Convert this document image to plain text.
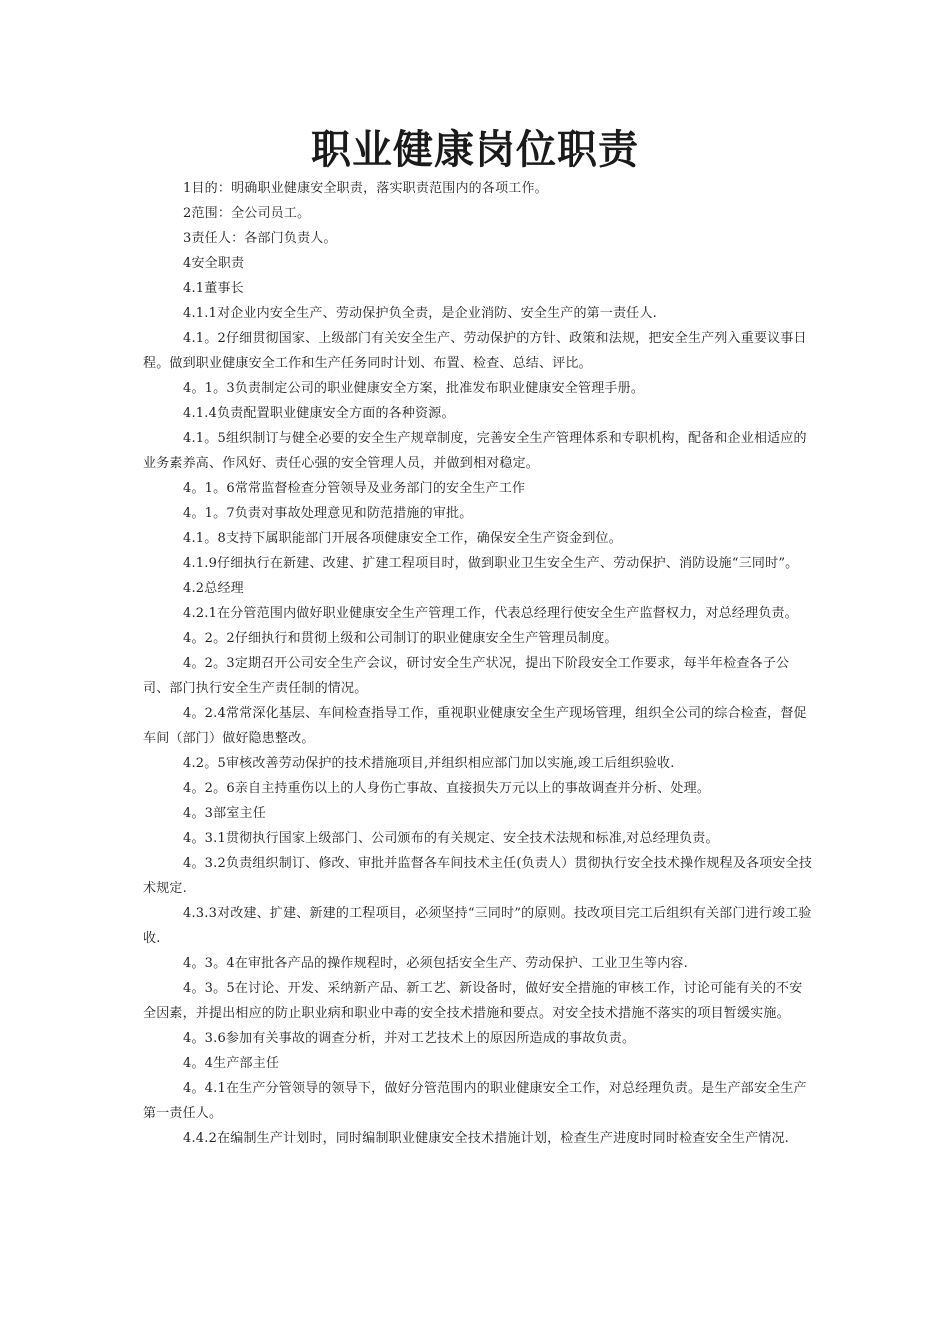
职业健康岗位职责

1目的：明确职业健康安全职责，落实职责范围内的各项工作。

2范围：全公司员工。

3责任人：各部门负责人。

4安全职责

4.1董事长

4.1.1对企业内安全生产、劳动保护负全责，是企业消防、安全生产的第一责任人.

4.1。2仔细贯彻国家、上级部门有关安全生产、劳动保护的方针、政策和法规，把安全生产列入重要议事日程。做到职业健康安全工作和生产任务同时计划、布置、检查、总结、评比。

4。1。3负责制定公司的职业健康安全方案，批准发布职业健康安全管理手册。

4.1.4负责配置职业健康安全方面的各种资源。

4.1。5组织制订与健全必要的安全生产规章制度，完善安全生产管理体系和专职机构，配备和企业相适应的业务素养高、作风好、责任心强的安全管理人员，并做到相对稳定。

4。1。6常常监督检查分管领导及业务部门的安全生产工作

4。1。7负责对事故处理意见和防范措施的审批。

4.1。8支持下属职能部门开展各项健康安全工作，确保安全生产资金到位。

4.1.9仔细执行在新建、改建、扩建工程项目时，做到职业卫生安全生产、劳动保护、消防设施“三同时”。

4.2总经理

4.2.1在分管范围内做好职业健康安全生产管理工作，代表总经理行使安全生产监督权力，对总经理负责。

4。2。2仔细执行和贯彻上级和公司制订的职业健康安全生产管理员制度。

4。2。3定期召开公司安全生产会议，研讨安全生产状况，提出下阶段安全工作要求，每半年检查各子公司、部门执行安全生产责任制的情况。

4。2.4常常深化基层、车间检查指导工作，重视职业健康安全生产现场管理，组织全公司的综合检查，督促车间（部门）做好隐患整改。

4.2。5审核改善劳动保护的技术措施项目,并组织相应部门加以实施,竣工后组织验收.

4。2。6亲自主持重伤以上的人身伤亡事故、直接损失万元以上的事故调查并分析、处理。

4。3部室主任

4。3.1贯彻执行国家上级部门、公司颁布的有关规定、安全技术法规和标准,对总经理负责。

4。3.2负责组织制订、修改、审批并监督各车间技术主任(负责人）贯彻执行安全技术操作规程及各项安全技术规定.

4.3.3对改建、扩建、新建的工程项目，必须坚持“三同时”的原则。技改项目完工后组织有关部门进行竣工验收.

4。3。4在审批各产品的操作规程时，必须包括安全生产、劳动保护、工业卫生等内容.

4。3。5在讨论、开发、采纳新产品、新工艺、新设备时，做好安全措施的审核工作，讨论可能有关的不安全因素，并提出相应的防止职业病和职业中毒的安全技术措施和要点。对安全技术措施不落实的项目暂缓实施。

4。3.6参加有关事故的调查分析，并对工艺技术上的原因所造成的事故负责。

4。4生产部主任

4。4.1在生产分管领导的领导下，做好分管范围内的职业健康安全工作，对总经理负责。是生产部安全生产第一责任人。

4.4.2在编制生产计划时，同时编制职业健康安全技术措施计划，检查生产进度时同时检查安全生产情况.
